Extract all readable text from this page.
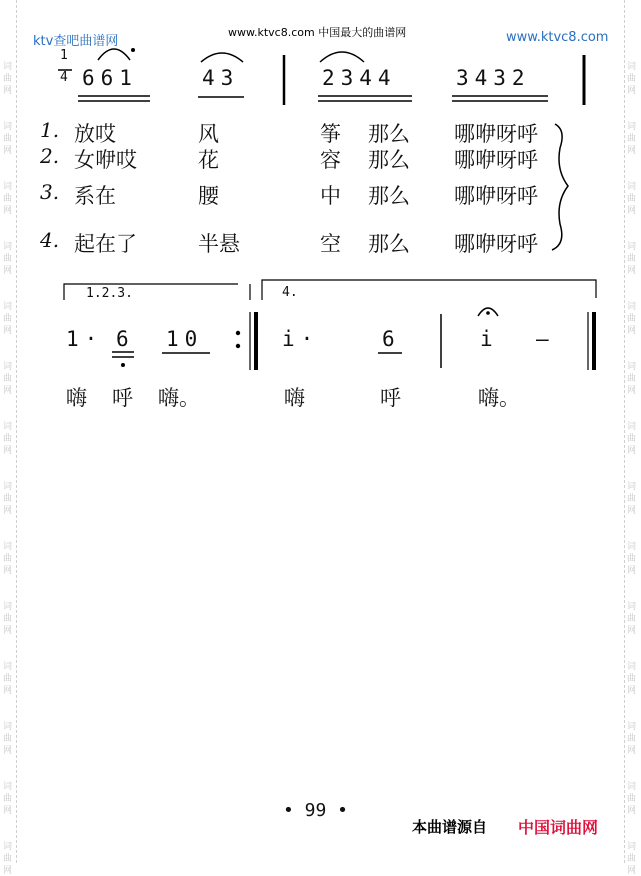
词
曲
网
词
曲
网
词
曲
网
词
曲
网
词
曲
网
词
曲
网
词
曲
网
词
曲
网
词
曲
网
词
曲
网
词
曲
网
词
曲
网
词
曲
网
词
曲
网
词
曲
网
词
曲
网
词
曲
网
词
曲
网
词
曲
网
词
曲
网
词
曲
网
词
曲
网
词
曲
网
词
曲
网
词
曲
网
词
曲
网
词
曲
网
词
曲
网
ktv查吧曲谱网
www.ktvc8.com 中国最大的曲谱网	www.ktvc8.com
1
4 661	43	2344	3432
1. 放哎	风	筝 那么 哪咿呀呼
2. 女咿哎	花	容 那么 哪咿呀呼
3. 系在	腰	中 那么 哪咿呀呼
4. 起在了	半悬	空 那么 哪咿呀呼
1.2.3.	4.
1· 6 10	i·	6	i —
嗨 呼 嗨。	嗨	呼	嗨。
• 99 •
本曲谱源自 中国词曲网
